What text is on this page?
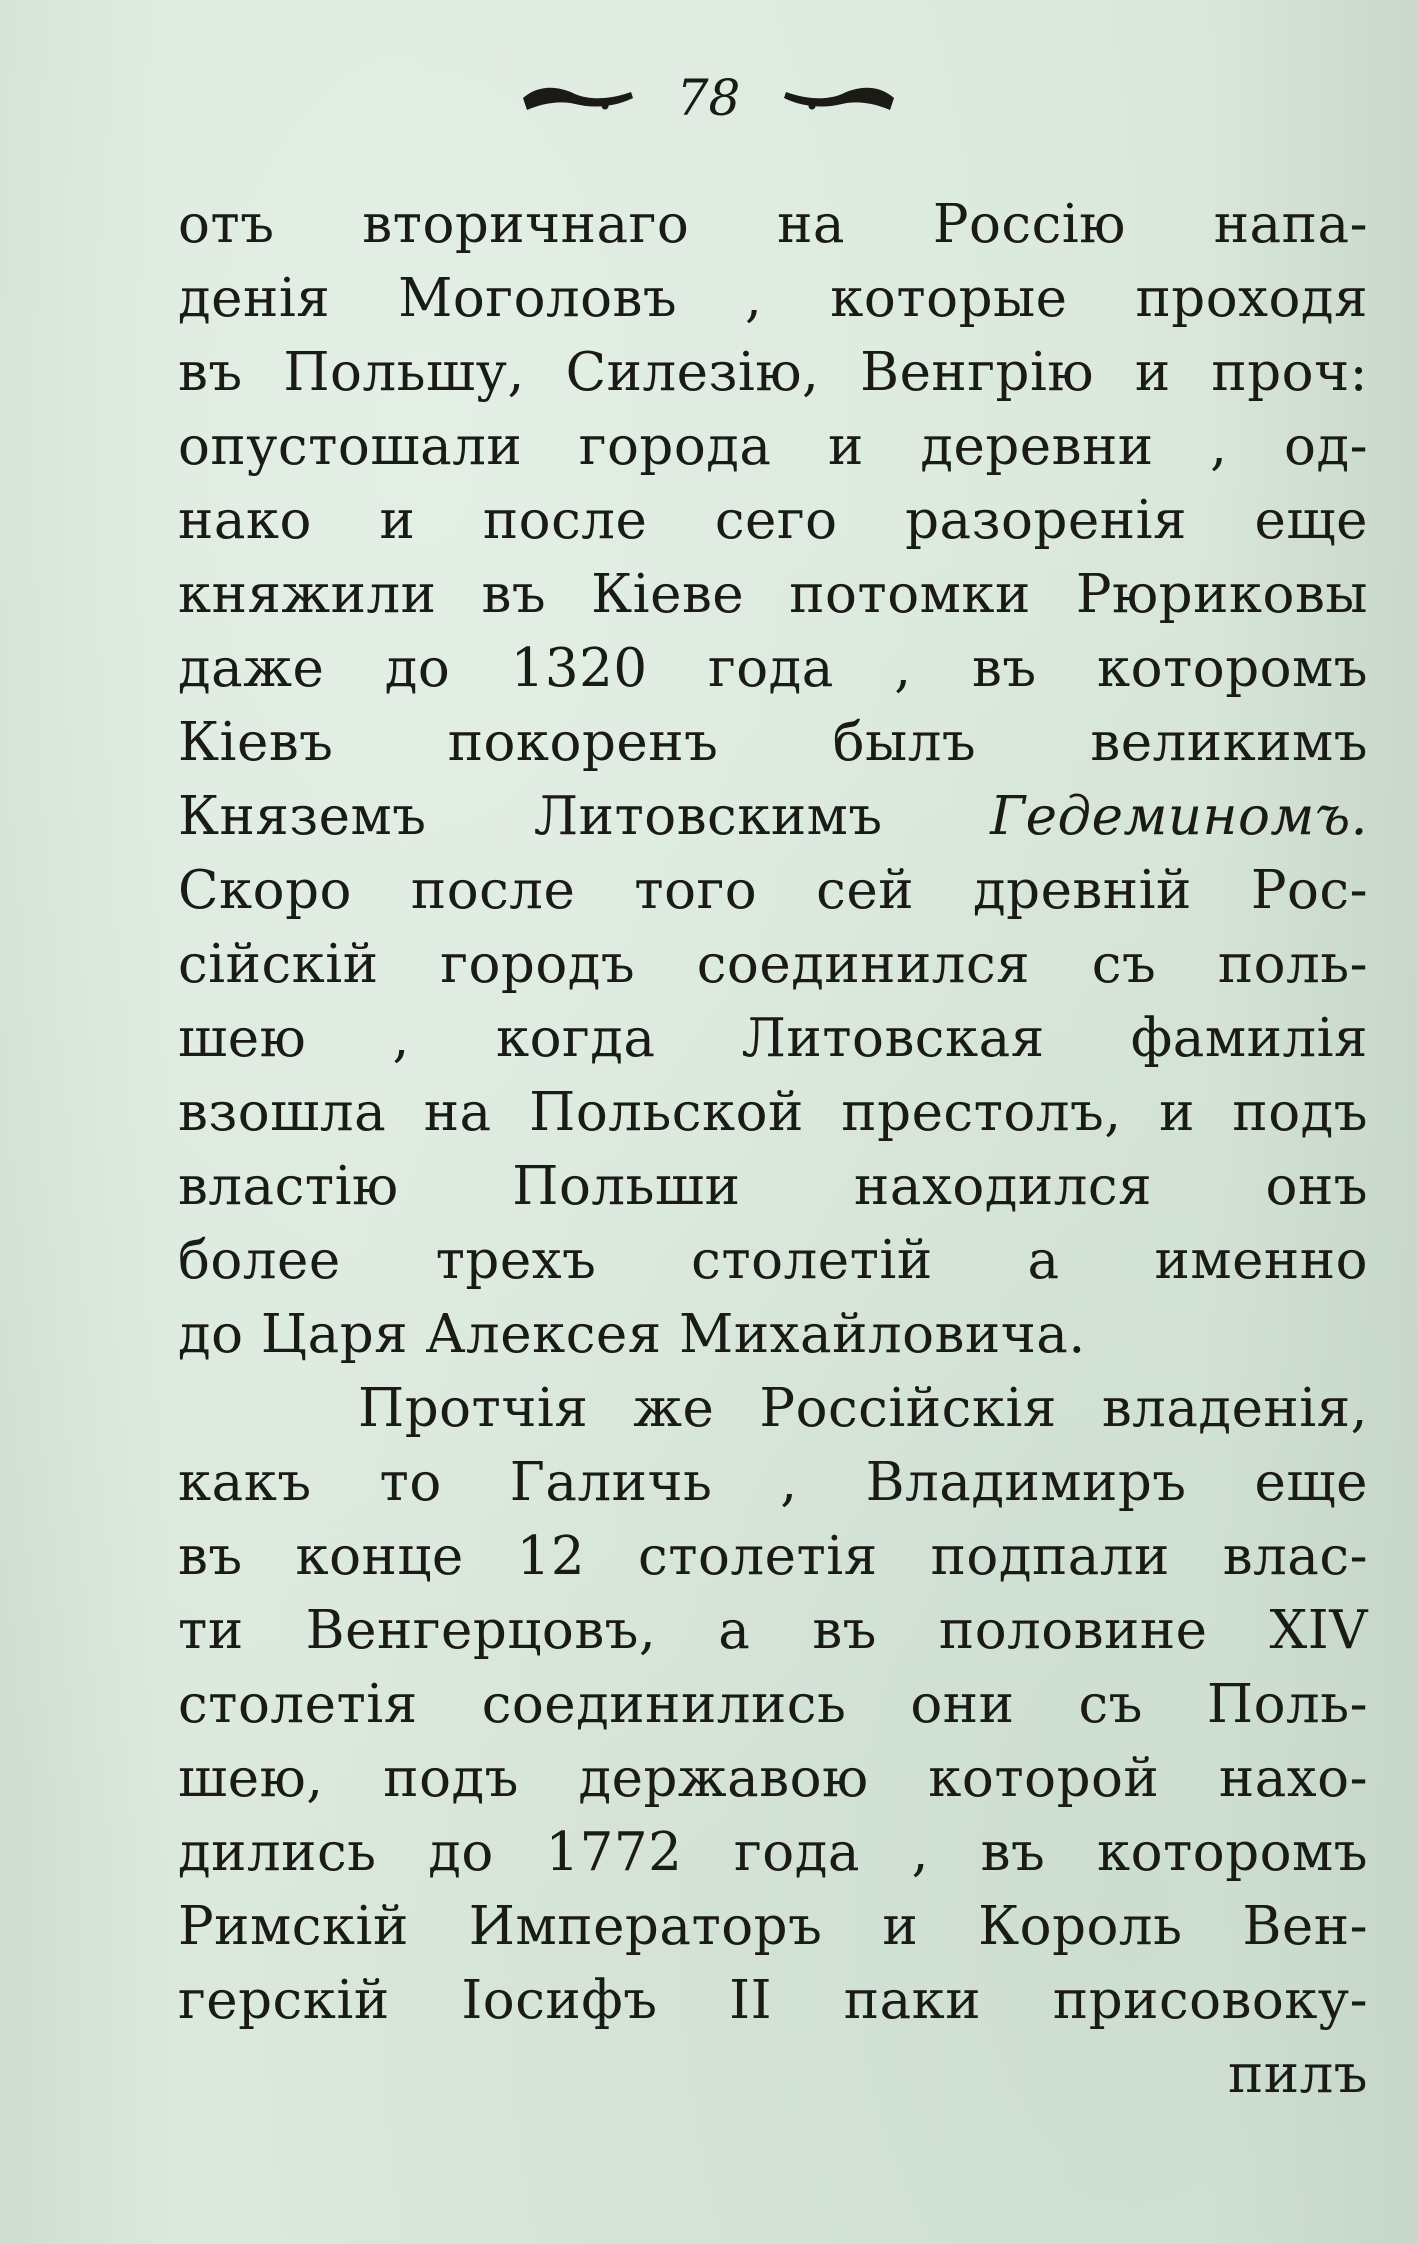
78
отъ вторичнаго на Россiю напа-
денiя Моголовъ , которые проходя
въ Польшу, Силезiю, Венгрiю и проч:
опустошали города и деревни , од-
нако и после сего разоренiя еще
княжили въ Кiеве потомки Рюриковы
даже до 1320 года , въ которомъ
Кiевъ покоренъ былъ великимъ
Княземъ Литовскимъ Гедеминомъ.
Скоро после того сей древнiй Рос-
сiйскiй городъ соединился съ поль-
шею , когда Литовская фамилiя
взошла на Польской престолъ, и подъ
властiю Польши находился онъ
более трехъ столетiй а именно
до Царя Алексея Михайловича.
Протчiя же Россiйскiя владенiя,
какъ то Галичь , Владимиръ еще
въ конце 12 столетiя подпали влас-
ти Венгерцовъ, а въ половине XIV
столетiя соединились они съ Поль-
шею, подъ державою которой нахо-
дились до 1772 года , въ которомъ
Римскiй Императоръ и Король Вен-
герскiй Iосифъ II паки присовоку-
пилъ
